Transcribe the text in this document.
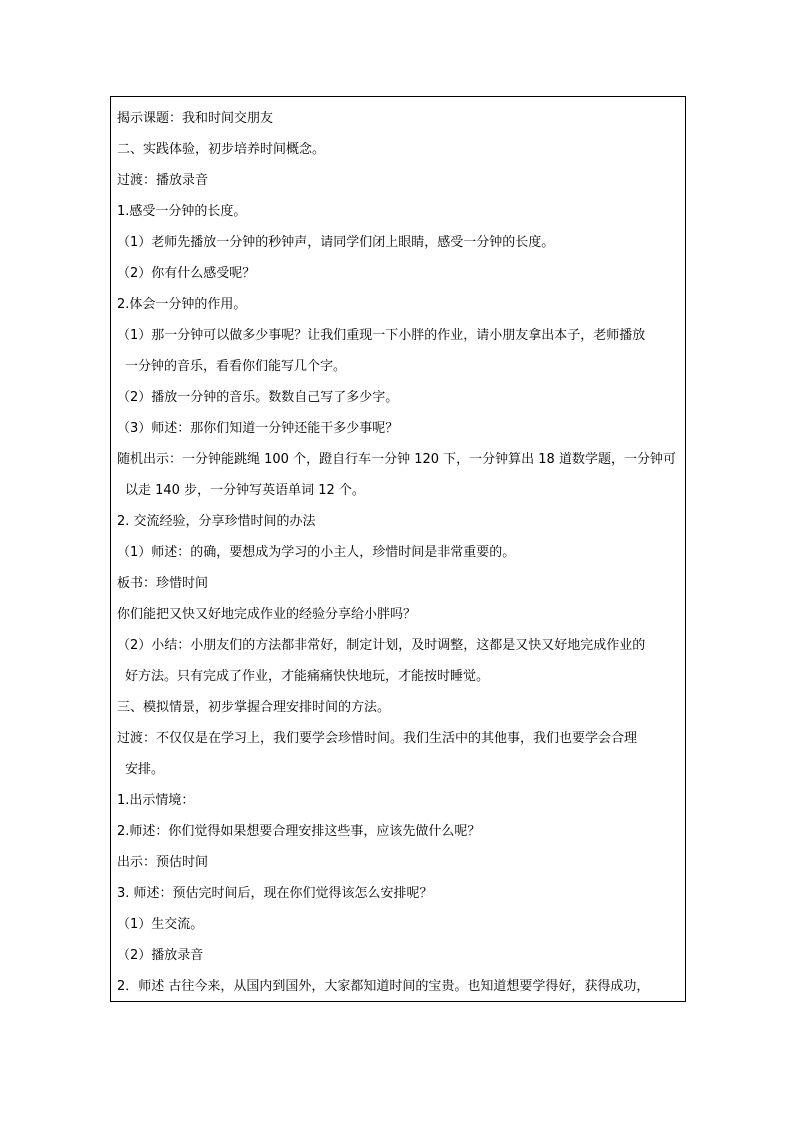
揭示课题：我和时间交朋友
二、实践体验，初步培养时间概念。
过渡：播放录音
1.感受一分钟的长度。
（1）老师先播放一分钟的秒钟声，请同学们闭上眼睛，感受一分钟的长度。
（2）你有什么感受呢？
2.体会一分钟的作用。
（1）那一分钟可以做多少事呢？让我们重现一下小胖的作业，请小朋友拿出本子，老师播放
一分钟的音乐，看看你们能写几个字。
（2）播放一分钟的音乐。数数自己写了多少字。
（3）师述：那你们知道一分钟还能干多少事呢？
随机出示：一分钟能跳绳 100 个，蹬自行车一分钟 120 下，一分钟算出 18 道数学题，一分钟可
以走 140 步，一分钟写英语单词 12 个。
2. 交流经验，分享珍惜时间的办法
（1）师述：的确，要想成为学习的小主人，珍惜时间是非常重要的。
板书：珍惜时间
你们能把又快又好地完成作业的经验分享给小胖吗？
（2）小结：小朋友们的方法都非常好，制定计划，及时调整，这都是又快又好地完成作业的
好方法。只有完成了作业，才能痛痛快快地玩，才能按时睡觉。
三、模拟情景，初步掌握合理安排时间的方法。
过渡：不仅仅是在学习上，我们要学会珍惜时间。我们生活中的其他事，我们也要学会合理
安排。
1.出示情境：
2.师述：你们觉得如果想要合理安排这些事，应该先做什么呢？
出示：预估时间
3. 师述：预估完时间后，现在你们觉得该怎么安排呢？
（1）生交流。
（2）播放录音
2．师述 古往今来，从国内到国外，大家都知道时间的宝贵。也知道想要学得好，获得成功，
